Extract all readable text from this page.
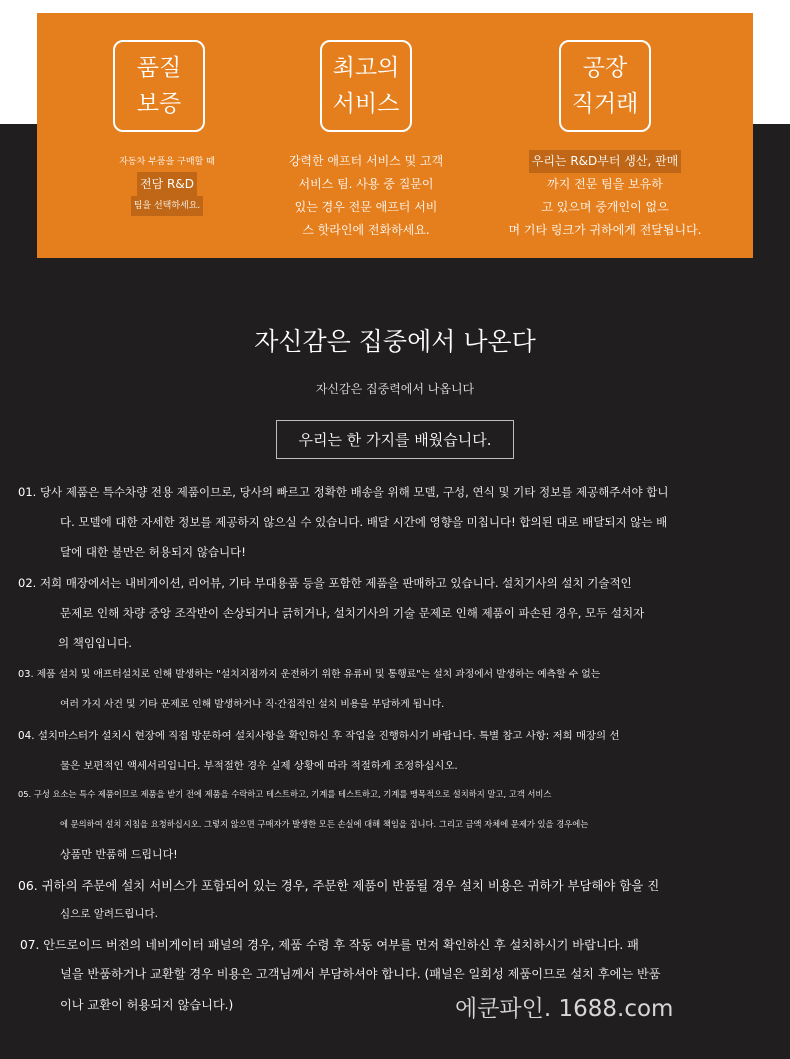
품질
보증
자동차 부품을 구매할 때
전담 R&D
팀을 선택하세요.
최고의
서비스
강력한 애프터 서비스 및 고객
서비스 팀. 사용 중 질문이
있는 경우 전문 애프터 서비
스 핫라인에 전화하세요.
공장
직거래
우리는 R&D부터 생산, 판매
까지 전문 팀을 보유하
고 있으며 중개인이 없으
며 기타 링크가 귀하에게 전달됩니다.
자신감은 집중에서 나온다
자신감은 집중력에서 나옵니다
우리는 한 가지를 배웠습니다.
01. 당사 제품은 특수차량 전용 제품이므로, 당사의 빠르고 정확한 배송을 위해 모델, 구성, 연식 및 기타 정보를 제공해주셔야 합니
다. 모델에 대한 자세한 정보를 제공하지 않으실 수 있습니다. 배달 시간에 영향을 미칩니다! 합의된 대로 배달되지 않는 배
달에 대한 불만은 허용되지 않습니다!
02. 저희 매장에서는 내비게이션, 리어뷰, 기타 부대용품 등을 포함한 제품을 판매하고 있습니다. 설치기사의 설치 기술적인
문제로 인해 차량 중앙 조작반이 손상되거나 긁히거나, 설치기사의 기술 문제로 인해 제품이 파손된 경우, 모두 설치자
의 책임입니다.
03. 제품 설치 및 애프터설치로 인해 발생하는 "설치지점까지 운전하기 위한 유류비 및 통행료"는 설치 과정에서 발생하는 예측할 수 없는
여러 가지 사건 및 기타 문제로 인해 발생하거나 직·간접적인 설치 비용을 부담하게 됩니다.
04. 설치마스터가 설치시 현장에 직접 방문하여 설치사항을 확인하신 후 작업을 진행하시기 바랍니다. 특별 참고 사항: 저희 매장의 선
물은 보편적인 액세서리입니다. 부적절한 경우 실제 상황에 따라 적절하게 조정하십시오.
05. 구성 요소는 특수 제품이므로 제품을 받기 전에 제품을 수락하고 테스트하고, 기계를 테스트하고, 기계를 맹목적으로 설치하지 말고, 고객 서비스
에 문의하여 설치 지침을 요청하십시오. 그렇지 않으면 구매자가 발생한 모든 손실에 대해 책임을 집니다. 그리고 금액 자체에 문제가 있을 경우에는
상품만 반품해 드립니다!
06. 귀하의 주문에 설치 서비스가 포함되어 있는 경우, 주문한 제품이 반품될 경우 설치 비용은 귀하가 부담해야 함을 진
심으로 알려드립니다.
07. 안드로이드 버전의 네비게이터 패널의 경우, 제품 수령 후 작동 여부를 먼저 확인하신 후 설치하시기 바랍니다. 패
널을 반품하거나 교환할 경우 비용은 고객님께서 부담하셔야 합니다. (패널은 일회성 제품이므로 설치 후에는 반품
이나 교환이 허용되지 않습니다.)	에쿤파인. 1688.com
